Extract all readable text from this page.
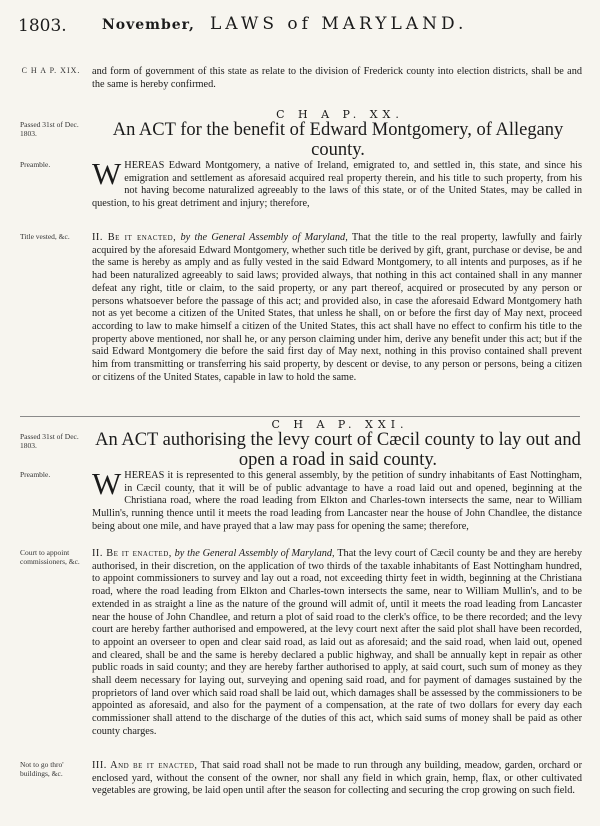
1803.	November, LAWS of MARYLAND.
C H A P. XIX. and form of government of this state as relate to the division of Frederick county into election districts, shall be and the same is hereby confirmed.
C H A P. XX.
Passed 31st of Dec. 1803.	An ACT for the benefit of Edward Montgomery, of Allegany county.
Preamble.	WHEREAS Edward Montgomery, a native of Ireland, emigrated to, and settled in, this state, and since his emigration and settlement as aforesaid acquired real property therein, and his title to such property, from his not having become naturalized agreeably to the laws of this state, or of the United States, may be called in question, to his great detriment and injury; therefore,
Title vested, &c.	II. Be it enacted, by the General Assembly of Maryland, That the title to the real property, lawfully and fairly acquired by the aforesaid Edward Montgomery, whether such title be derived by gift, grant, purchase or devise, be and the same is hereby as amply and as fully vested in the said Edward Montgomery, to all intents and purposes, as if he had been naturalized agreeably to said laws; provided always, that nothing in this act contained shall in any manner defeat any right, title or claim, to the said property, or any part thereof, acquired or prosecuted by any person or persons whatsoever before the passage of this act; and provided also, in case the aforesaid Edward Montgomery hath not as yet become a citizen of the United States, that unless he shall, on or before the first day of May next, proceed according to law to make himself a citizen of the United States, this act shall have no effect to confirm his title to the property above mentioned, nor shall he, or any person claiming under him, derive any benefit under this act; but if the said Edward Montgomery die before the said first day of May next, nothing in this proviso contained shall prevent him from transmitting or transferring his said property, by descent or devise, to any person or persons, being a citizen or citizens of the United States, capable in law to hold the same.
C H A P. XXI.
Passed 31st of Dec. 1803.	An ACT authorising the levy court of Cæcil county to lay out and open a road in said county.
Preamble.	WHEREAS it is represented to this general assembly, by the petition of sundry inhabitants of East Nottingham, in Cæcil county, that it will be of public advantage to have a road laid out and opened, beginning at the Christiana road, where the road leading from Elkton and Charles-town intersects the same, near to William Mullin's, running thence until it meets the road leading from Lancaster near the house of John Chandlee, the distance being about one mile, and have prayed that a law may pass for opening the same; therefore,
Court to appoint commissioners, &c.
II. Be it enacted, by the General Assembly of Maryland, That the levy court of Cæcil county be and they are hereby authorised, in their discretion, on the application of two thirds of the taxable inhabitants of East Nottingham hundred, to appoint commissioners to survey and lay out a road, not exceeding thirty feet in width, beginning at the Christiana road, where the road leading from Elkton and Charles-town intersects the same, near to William Mullin's, and to be extended in as straight a line as the nature of the ground will admit of, until it meets the road leading from Lancaster near the house of John Chandlee, and return a plot of said road to the clerk's office, to be there recorded; and the levy court are hereby farther authorised and empowered, at the levy court next after the said plot shall have been recorded, to appoint an overseer to open and clear said road, as laid out as aforesaid; and the said road, when laid out, opened and cleared, shall be and the same is hereby declared a public highway, and shall be annually kept in repair as other public roads in said county; and they are hereby farther authorised to apply, at said court, such sum of money as they shall deem necessary for laying out, surveying and opening said road, and for payment of damages sustained by the proprietors of land over which said road shall be laid out, which damages shall be assessed by the commissioners to be appointed as aforesaid, and also for the payment of a compensation, at the rate of two dollars for every day each commissioner shall attend to the discharge of the duties of this act, which said sums of money shall be paid as other county charges.
Not to go thro' buildings, &c.
III. And be it enacted, That said road shall not be made to run through any building, meadow, garden, orchard or enclosed yard, without the consent of the owner, nor shall any field in which grain, hemp, flax, or other cultivated vegetables are growing, be laid open until after the season for collecting and securing the crop growing on such field.
